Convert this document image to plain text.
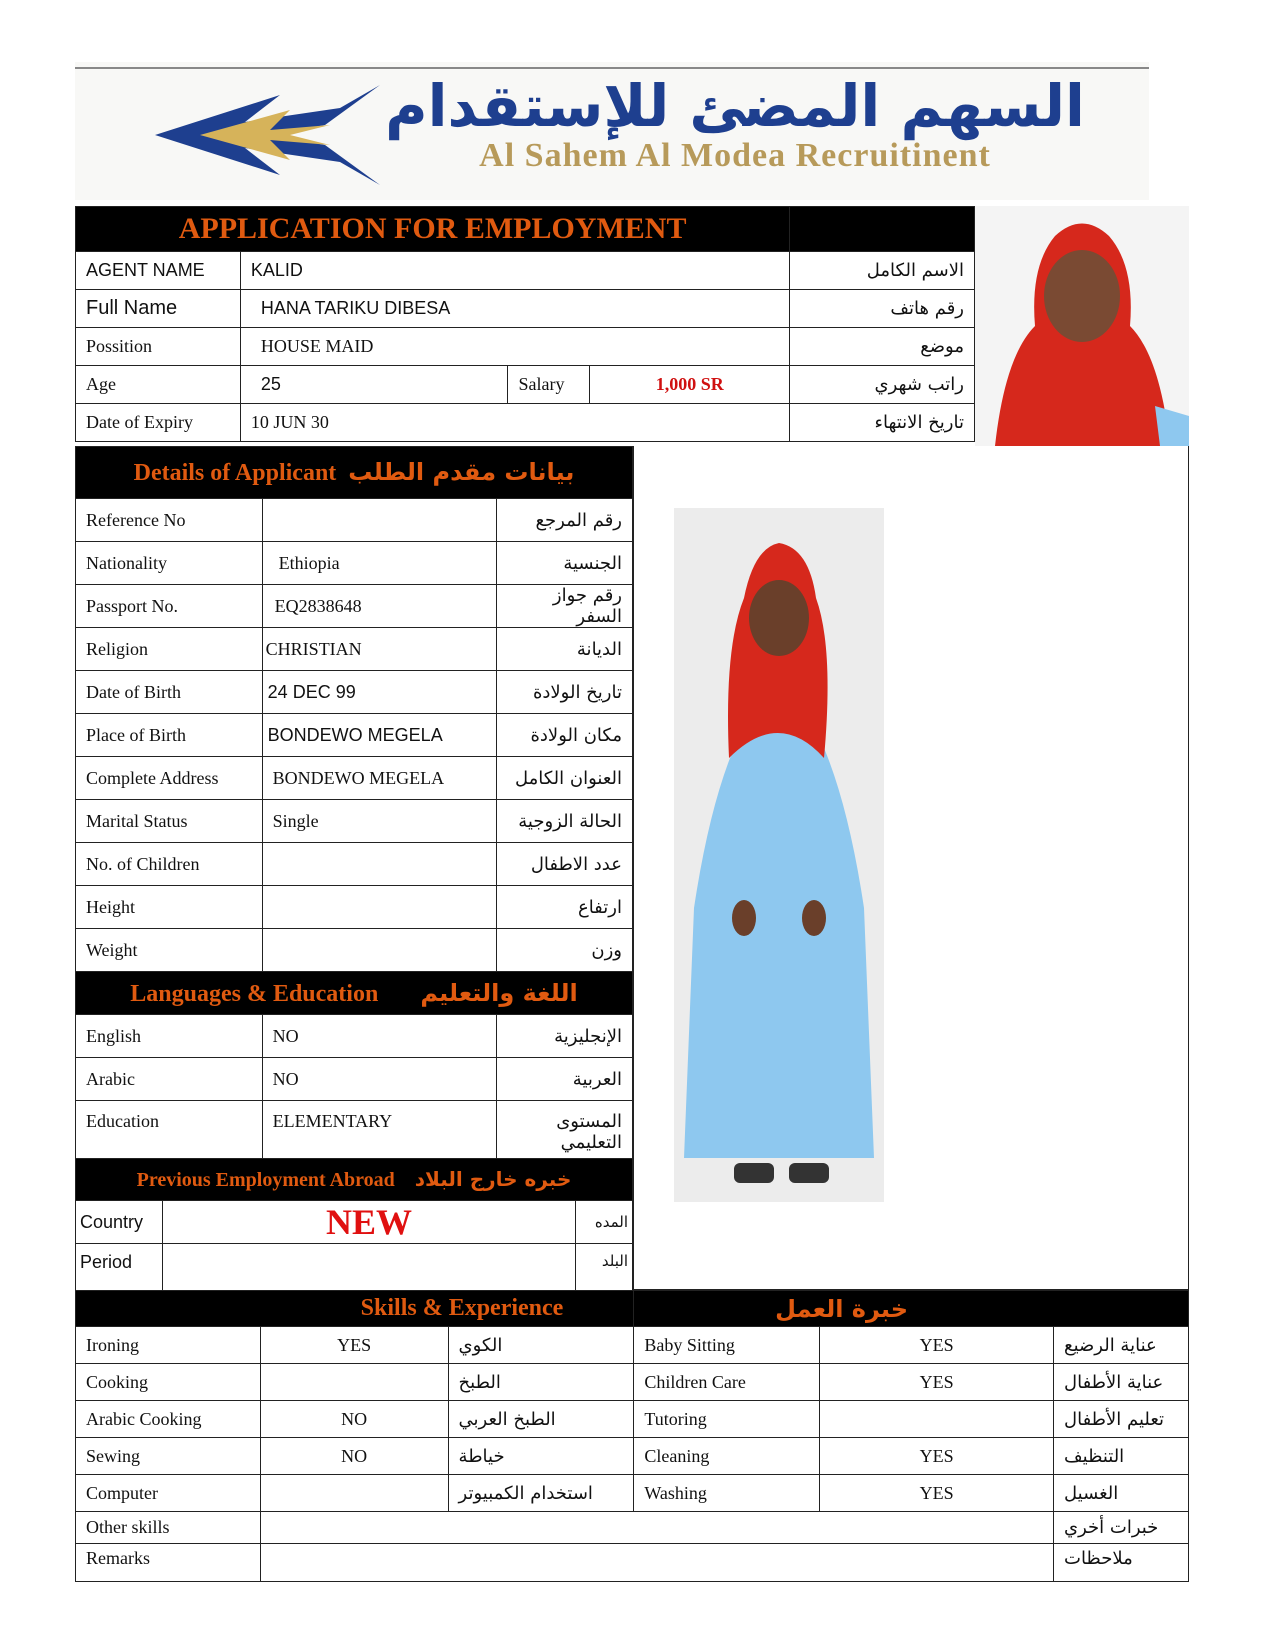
السهم المضئ للإستقدام
Al Sahem Al Modea Recruitinent
APPLICATION FOR EMPLOYMENT				
AGENT NAME	KALID			الاسم الكامل
Full Name	HANA TARIKU DIBESA			رقم هاتف
Possition	HOUSE MAID			موضع
Age	25	Salary	1,000 SR	راتب شهري
Date of Expiry	10 JUN 30			تاريخ الانتهاء
Details of Applicant بيانات مقدم الطلب
Reference No		رقم المرجع
Nationality	Ethiopia	الجنسية
Passport No.	EQ2838648	رقم جواز السفر
Religion	CHRISTIAN	الديانة
Date of Birth	24 DEC 99	تاريخ الولادة
Place of Birth	BONDEWO MEGELA	مكان الولادة
Complete Address	BONDEWO MEGELA	العنوان الكامل
Marital Status	Single	الحالة الزوجية
No. of Children		عدد الاطفال
Height		ارتفاع
Weight		وزن
Languages & Education اللغة والتعليم		
English	NO	الإنجليزية
Arabic	NO	العربية
Education	ELEMENTARY	المستوى التعليمي
Previous Employment Abroad خبره خارج البلاد		
Country	NEW	المده
Period		البلد
Skills & Experience			خبرة العمل		
Ironing	YES	الكوي	Baby Sitting	YES	عناية الرضيع
Cooking		الطبخ	Children Care	YES	عناية الأطفال
Arabic Cooking	NO	الطبخ العربي	Tutoring		تعليم الأطفال
Sewing	NO	خياطة	Cleaning	YES	التنظيف
Computer		استخدام الكمبيوتر	Washing	YES	الغسيل
Other skills					خبرات أخري
Remarks					ملاحظات
